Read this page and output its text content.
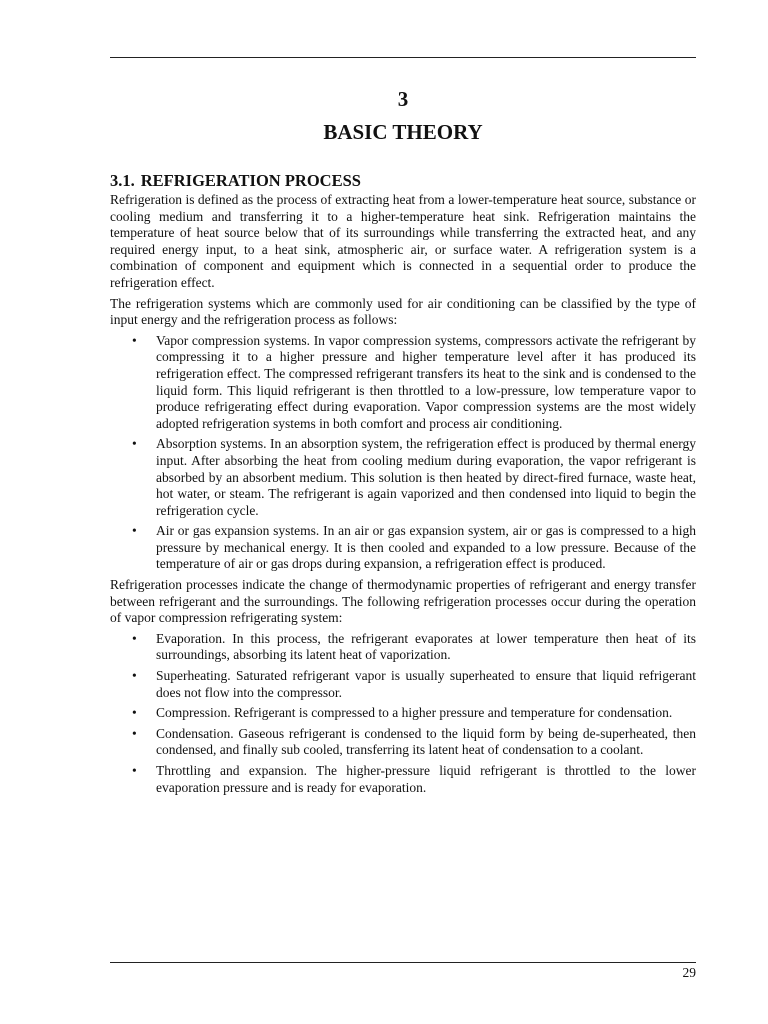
3
BASIC THEORY
3.1. REFRIGERATION PROCESS

Refrigeration is defined as the process of extracting heat from a lower-temperature heat source, substance or cooling medium and transferring it to a higher-temperature heat sink. Refrigeration maintains the temperature of heat source below that of its surroundings while transferring the extracted heat, and any required energy input, to a heat sink, atmospheric air, or surface water. A refrigeration system is a combination of component and equipment which is connected in a sequential order to produce the refrigeration effect.

The refrigeration systems which are commonly used for air conditioning can be classified by the type of input energy and the refrigeration process as follows:

• Vapor compression systems. In vapor compression systems, compressors activate the refrigerant by compressing it to a higher pressure and higher temperature level after it has produced its refrigeration effect. The compressed refrigerant transfers its heat to the sink and is condensed to the liquid form. This liquid refrigerant is then throttled to a low-pressure, low temperature vapor to produce refrigerating effect during evaporation. Vapor compression systems are the most widely adopted refrigeration systems in both comfort and process air conditioning.
• Absorption systems. In an absorption system, the refrigeration effect is produced by thermal energy input. After absorbing the heat from cooling medium during evaporation, the vapor refrigerant is absorbed by an absorbent medium. This solution is then heated by direct-fired furnace, waste heat, hot water, or steam. The refrigerant is again vaporized and then condensed into liquid to begin the refrigeration cycle.
• Air or gas expansion systems. In an air or gas expansion system, air or gas is compressed to a high pressure by mechanical energy. It is then cooled and expanded to a low pressure. Because of the temperature of air or gas drops during expansion, a refrigeration effect is produced.

Refrigeration processes indicate the change of thermodynamic properties of refrigerant and energy transfer between refrigerant and the surroundings. The following refrigeration processes occur during the operation of vapor compression refrigerating system:

• Evaporation. In this process, the refrigerant evaporates at lower temperature then heat of its surroundings, absorbing its latent heat of vaporization.
• Superheating. Saturated refrigerant vapor is usually superheated to ensure that liquid refrigerant does not flow into the compressor.
• Compression. Refrigerant is compressed to a higher pressure and temperature for condensation.
• Condensation. Gaseous refrigerant is condensed to the liquid form by being de-superheated, then condensed, and finally sub cooled, transferring its latent heat of condensation to a coolant.
• Throttling and expansion. The higher-pressure liquid refrigerant is throttled to the lower evaporation pressure and is ready for evaporation.
29
